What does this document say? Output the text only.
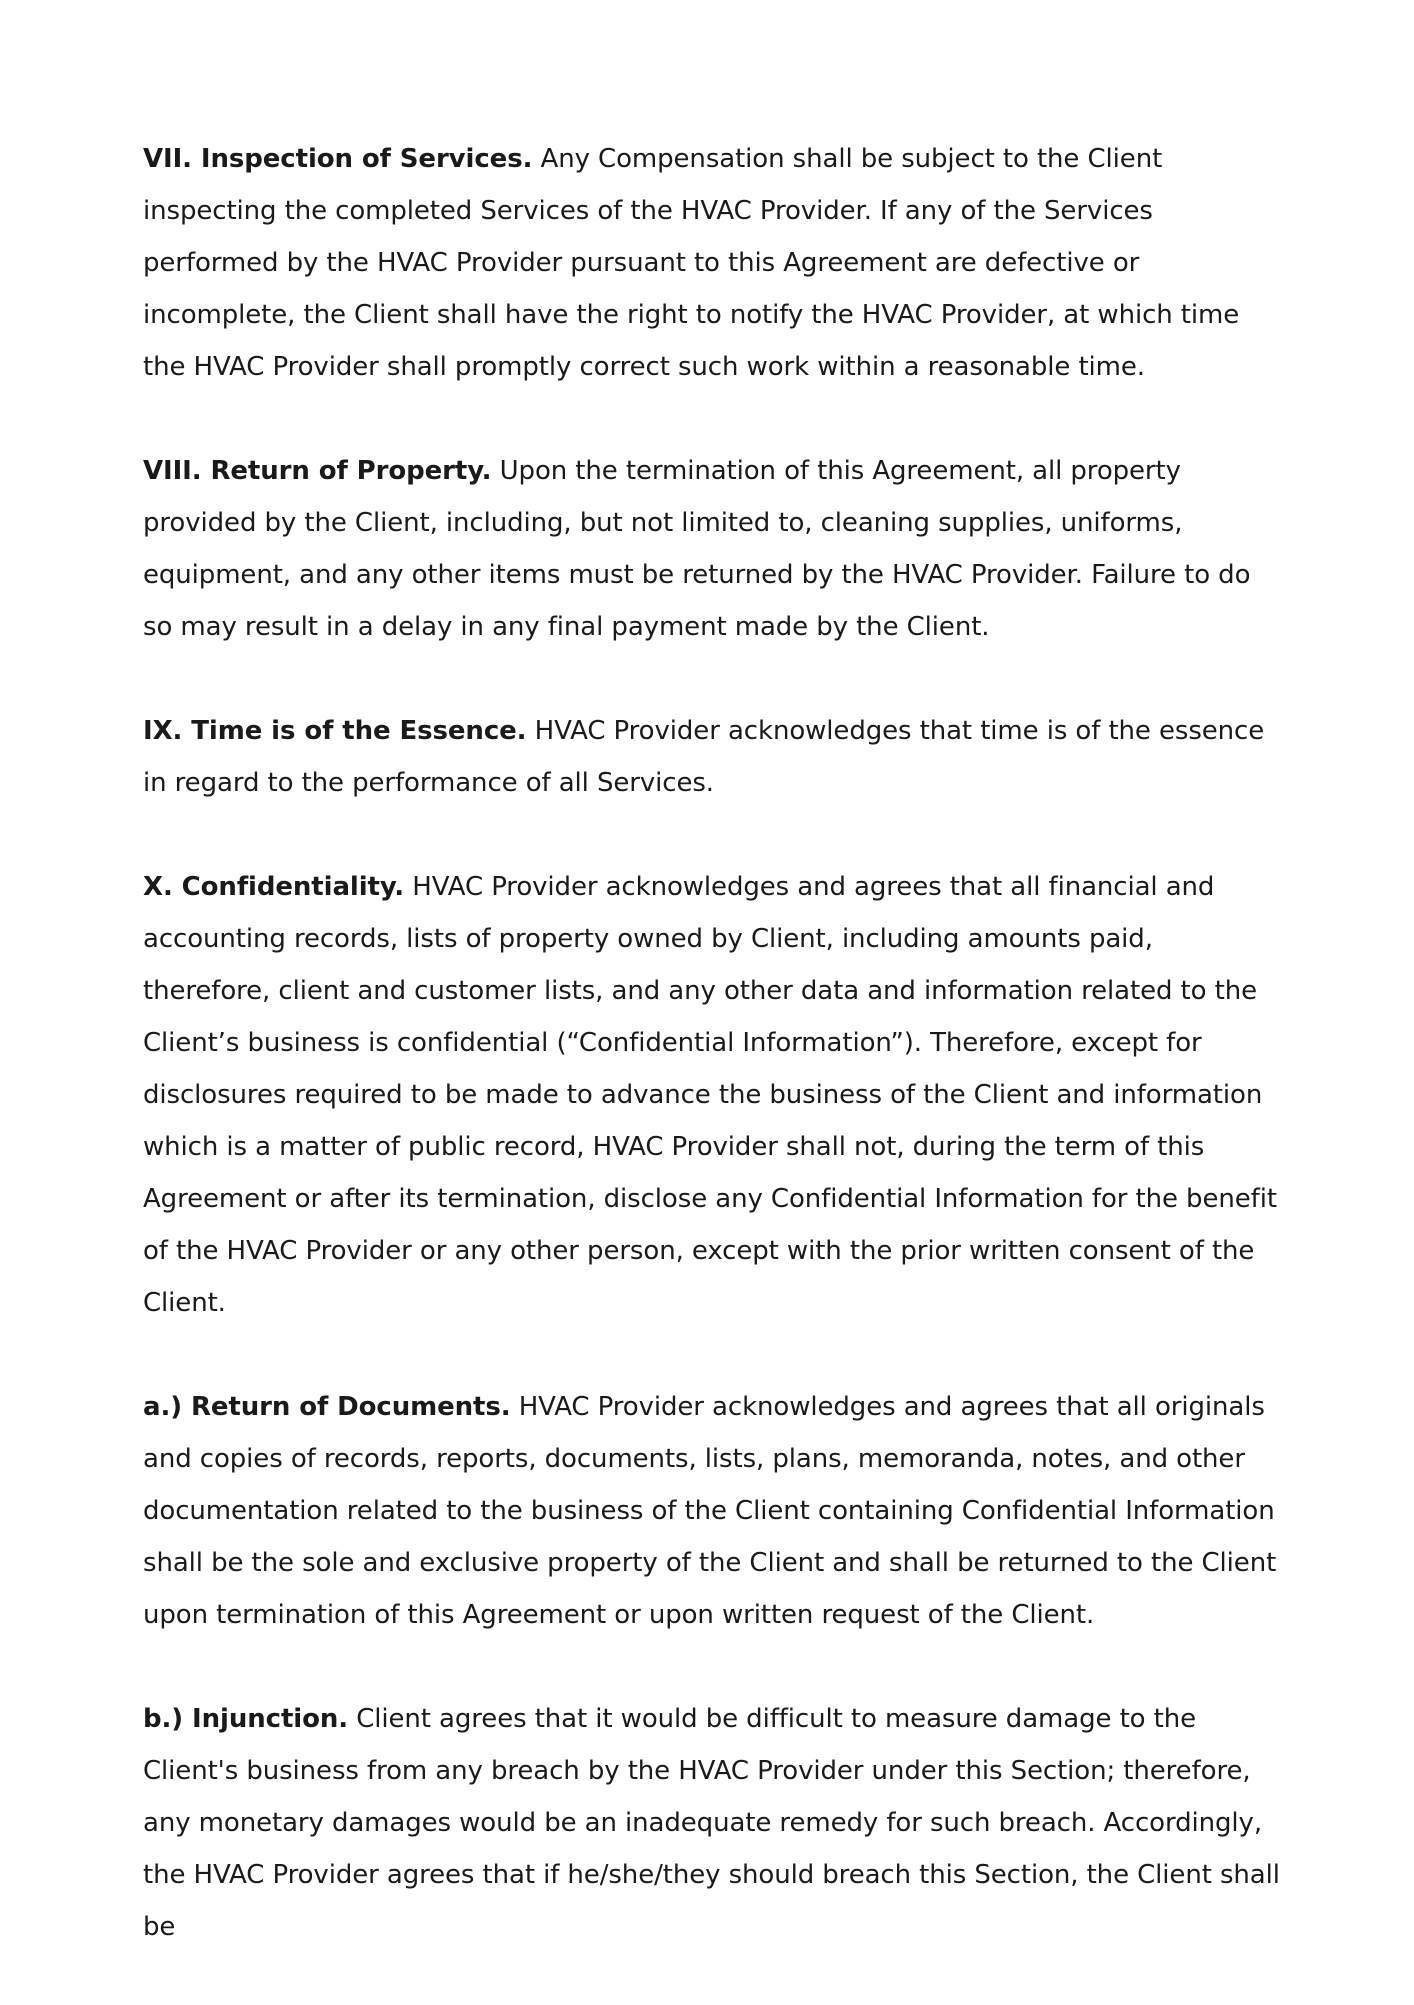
VII. Inspection of Services. Any Compensation shall be subject to the Client inspecting the completed Services of the HVAC Provider. If any of the Services performed by the HVAC Provider pursuant to this Agreement are defective or incomplete, the Client shall have the right to notify the HVAC Provider, at which time the HVAC Provider shall promptly correct such work within a reasonable time.

VIII. Return of Property. Upon the termination of this Agreement, all property provided by the Client, including, but not limited to, cleaning supplies, uniforms, equipment, and any other items must be returned by the HVAC Provider. Failure to do so may result in a delay in any final payment made by the Client.

IX. Time is of the Essence. HVAC Provider acknowledges that time is of the essence in regard to the performance of all Services.

X. Confidentiality. HVAC Provider acknowledges and agrees that all financial and accounting records, lists of property owned by Client, including amounts paid, therefore, client and customer lists, and any other data and information related to the Client’s business is confidential (“Confidential Information”). Therefore, except for disclosures required to be made to advance the business of the Client and information which is a matter of public record, HVAC Provider shall not, during the term of this Agreement or after its termination, disclose any Confidential Information for the benefit of the HVAC Provider or any other person, except with the prior written consent of the Client.

a.) Return of Documents. HVAC Provider acknowledges and agrees that all originals and copies of records, reports, documents, lists, plans, memoranda, notes, and other documentation related to the business of the Client containing Confidential Information shall be the sole and exclusive property of the Client and shall be returned to the Client upon termination of this Agreement or upon written request of the Client.

b.) Injunction. Client agrees that it would be difficult to measure damage to the Client's business from any breach by the HVAC Provider under this Section; therefore, any monetary damages would be an inadequate remedy for such breach. Accordingly, the HVAC Provider agrees that if he/she/they should breach this Section, the Client shall be
